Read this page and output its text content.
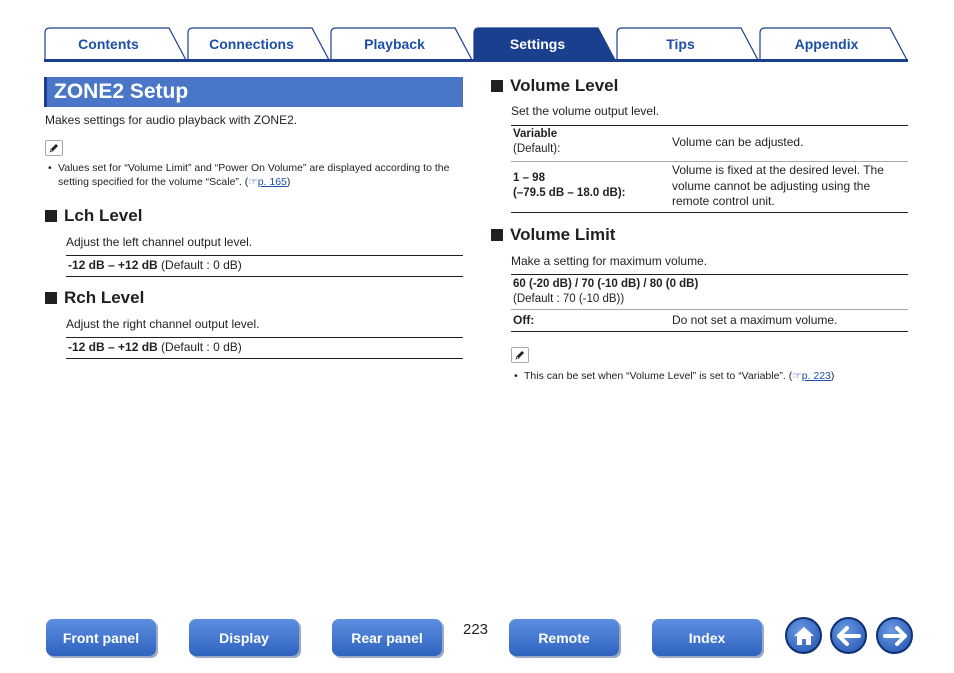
Contents	Connections	Playback	Settings	Tips	Appendix
ZONE2 Setup
Makes settings for audio playback with ZONE2.
• Values set for “Volume Limit” and “Power On Volume” are displayed according to the setting specified for the volume “Scale”. (☞p. 165)
Lch Level
Adjust the left channel output level.
-12 dB – +12 dB (Default : 0 dB)
Rch Level
Adjust the right channel output level.
-12 dB – +12 dB (Default : 0 dB)
Volume Level
Set the volume output level.
Variable
(Default):	Volume can be adjusted.
1 – 98
(–79.5 dB – 18.0 dB):
Volume is fixed at the desired level. The volume cannot be adjusting using the remote control unit.
Volume Limit
Make a setting for maximum volume.
60 (-20 dB) / 70 (-10 dB) / 80 (0 dB)
(Default : 70 (-10 dB))
Off:	Do not set a maximum volume.
• This can be set when “Volume Level” is set to “Variable”. (☞p. 223)
Front panel	Display	Rear panel	223	Remote	Index
